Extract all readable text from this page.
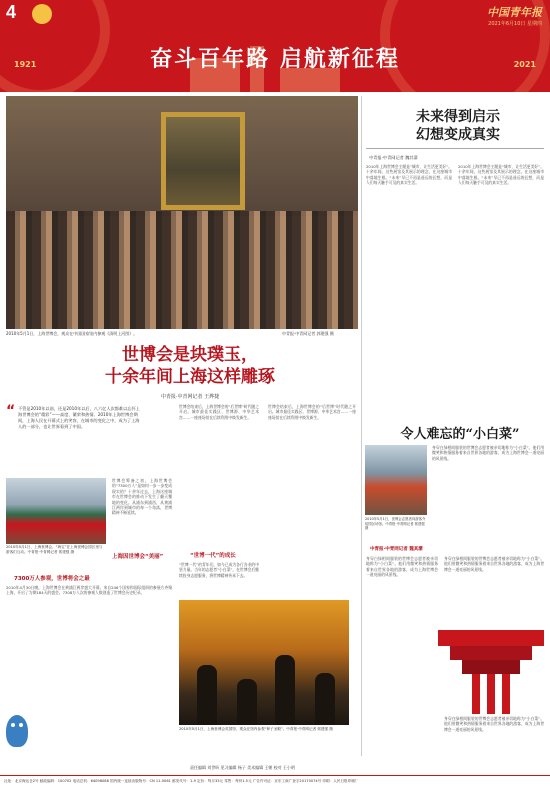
4	中国青年报
2021年6月10日 星期四
奋斗百年路 启航新征程
1921	2021
2010年5月1日，上海世博会，观众在中国国家馆内参观《清明上河图》。	中青报·中青网记者 郭建强 摄
世博会是块璞玉，
十余年间上海这样雕琢
中青报·中青网记者 王烨捷
“ 不管是2010年以前，还是2010年以后，八六亿人次都难以忘怀上海世博会的“精彩”——高度、繁荣和热情。2010年上海世博会期间，上海人民在开幕式上的笑容，在城市的变化之中，成为了上海人的一部分，也让世界看到了中国。
2010年5月1日，上海世博会，“海宝”在上海世博会园区里与游客们互动。中青报·中青网记者 郭建强 摄
世博会筹备之初，上海世博会的“7300万人”是如何一步一步变成现实的？十余年过去，上海这座城市在世博会的推动下发生了翻天覆地的变化。从浦东到浦西，从黄浦江两岸到城市的每一个角落，世博精神不断延续。
7300万人参观，世博将会之最
2010年4月30日晚，上海世博会在黄浦江两岸盛大开幕。来自246个国家和国际组织的参展方齐聚上海，开启了为期184天的盛会。7308万人次的参观人数创造了世博会历史纪录。
世博会结束后，上海世博会的“后世博”时代随之开启。城市最佳实践区、世博源、中华艺术宫……一座座场馆在后续利用中焕发新生。
“世博一代”的成长
“世博一代”的青年们，如今已成为各行各业的中坚力量。当年的志愿者“小白菜”，在世博会后继续投身志愿服务，将世博精神传承下去。
上海因世博会“美丽”
世博会结束后，上海世博会的“后世博”时代随之开启。城市最佳实践区、世博源、中华艺术宫……一座座场馆在后续利用中焕发新生。
2010年5月1日，上海世博会英国馆，观众在馆内参观“种子圣殿”。中青报·中青网记者 郭建强 摄
未来得到启示
幻想变成真实
中青报·中青网记者 魏其濛
2010年上海世博会主题是“城市，让生活更美好”。十余年间，这些展馆及其展示的理念，在这座城市中落地生根。“未来”早已不再是遥远的幻想，而是人们每天触手可及的真实生活。
2010年上海世博会主题是“城市，让生活更美好”。十余年间，这些展馆及其展示的理念，在这座城市中落地生根。“未来”早已不再是遥远的幻想，而是人们每天触手可及的真实生活。
令人难忘的“小白菜”
2010年5月1日，世博会志愿者向游客介绍园区场馆。中青报·中青网记者 郭建强 摄
身穿白绿相间服装的世博会志愿者被亲切地称为“小白菜”。他们用微笑和热情服务着来自世界各地的游客，成为上海世博会一道亮丽的风景线。
中青报·中青网记者 魏其濛
身穿白绿相间服装的世博会志愿者被亲切地称为“小白菜”。他们用微笑和热情服务着来自世界各地的游客，成为上海世博会一道亮丽的风景线。
身穿白绿相间服装的世博会志愿者被亲切地称为“小白菜”。他们用微笑和热情服务着来自世界各地的游客，成为上海世博会一道亮丽的风景线。
身穿白绿相间服装的世博会志愿者被亲切地称为“小白菜”。他们用微笑和热情服务着来自世界各地的游客，成为上海世博会一道亮丽的风景线。
责任编辑 刘世昕 见习编辑 杨子 美术编辑 王朝 校对 王小明
社址：北京海运仓2号 邮政编码：100702 电话总机：64098088 国内统一连续出版物号：CN 11-0061 邮发代号：1-9 定价：每月33元 零售：每份1.5元 广告许可证：京东工商广登字20170074号 印刷：人民日报印刷厂
